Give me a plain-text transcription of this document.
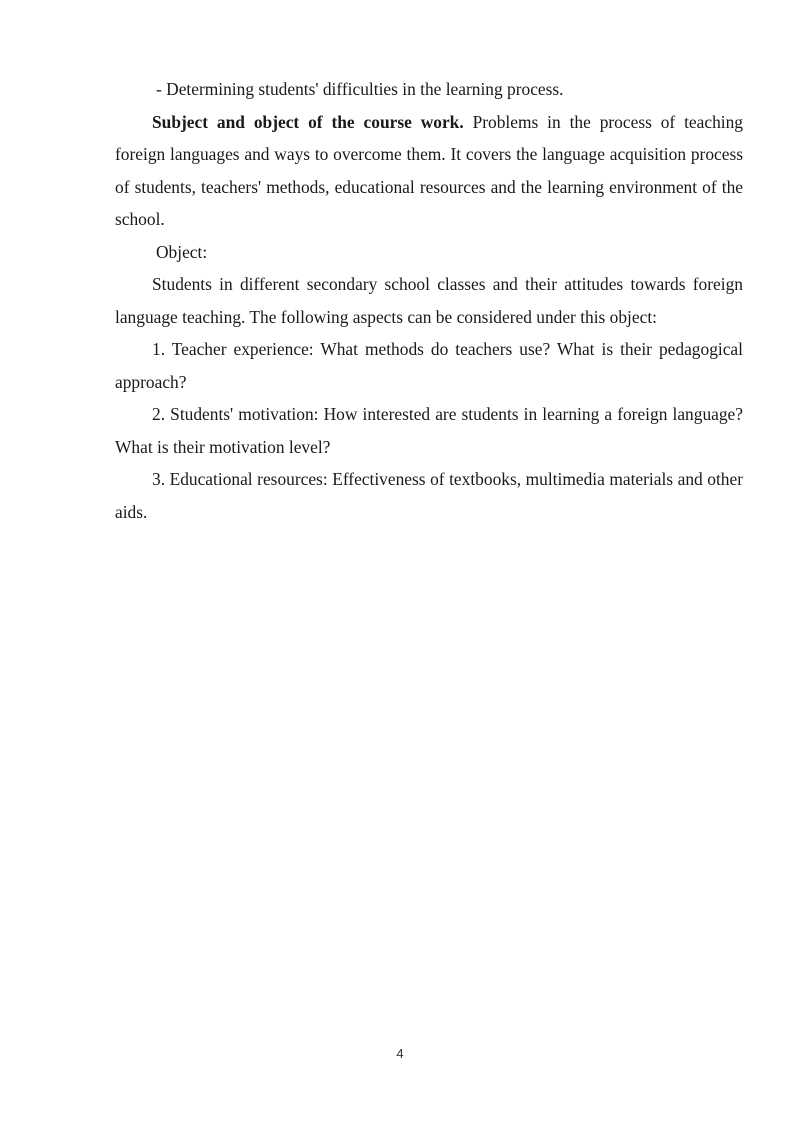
- Determining students' difficulties in the learning process.

Subject and object of the course work. Problems in the process of teaching foreign languages and ways to overcome them. It covers the language acquisition process of students, teachers' methods, educational resources and the learning environment of the school.

Object:

Students in different secondary school classes and their attitudes towards foreign language teaching. The following aspects can be considered under this object:

1. Teacher experience: What methods do teachers use? What is their pedagogical approach?

2. Students' motivation: How interested are students in learning a foreign language? What is their motivation level?

3. Educational resources: Effectiveness of textbooks, multimedia materials and other aids.

4
